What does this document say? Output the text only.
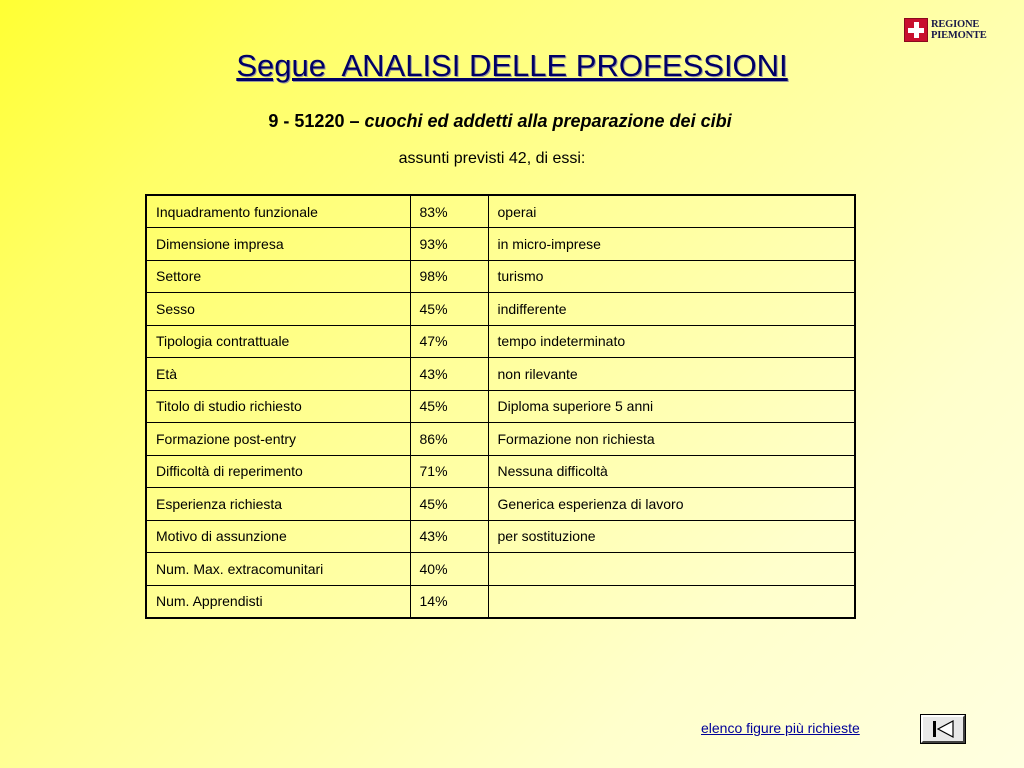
REGIONE
PIEMONTE
Segue  ANALISI DELLE PROFESSIONI
9 - 51220 – cuochi ed addetti alla preparazione dei cibi
assunti previsti 42, di essi:
Inquadramento funzionale	83%	operai
Dimensione impresa	93%	in micro-imprese
Settore	98%	turismo
Sesso	45%	indifferente
Tipologia contrattuale	47%	tempo indeterminato
Età	43%	non rilevante
Titolo di studio richiesto	45%	Diploma superiore 5 anni
Formazione post-entry	86%	Formazione non richiesta
Difficoltà di reperimento	71%	Nessuna difficoltà
Esperienza richiesta	45%	Generica esperienza di lavoro
Motivo di assunzione	43%	per sostituzione
Num. Max. extracomunitari	40%	
Num. Apprendisti	14%	
elenco figure più richieste
